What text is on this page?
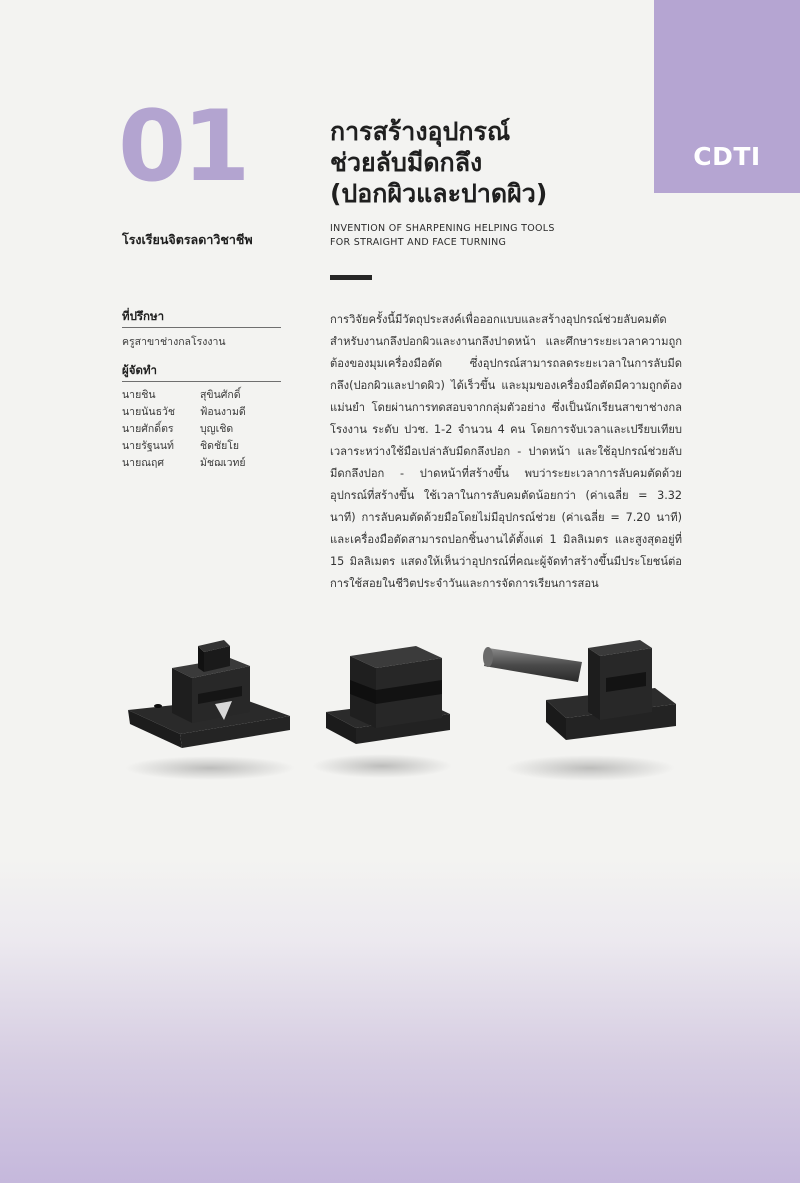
CDTI
01
โรงเรียนจิตรลดาวิชาชีพ
การสร้างอุปกรณ์
ช่วยลับมีดกลึง
(ปอกผิวและปาดผิว)
INVENTION OF SHARPENING HELPING TOOLS
FOR STRAIGHT AND FACE TURNING
ที่ปรึกษา
ครูสาขาช่างกลโรงงาน
ผู้จัดทำ
นายชิน	สุขินศักดิ์
นายนันธวัช	ฟ้อนงามดี
นายศักดิ์ตร	บุญเชิด
นายรัฐนนท์	ชิดชัยโย
นายณฤศ	มัชฌเวทย์
การวิจัยครั้งนี้มีวัตถุประสงค์เพื่อออกแบบและสร้างอุปกรณ์ช่วยลับคมตัดสำหรับงานกลึงปอกผิวและงานกลึงปาดหน้า และศึกษาระยะเวลาความถูกต้องของมุมเครื่องมือตัด ซึ่งอุปกรณ์สามารถลดระยะเวลาในการลับมีดกลึง(ปอกผิวและปาดผิว) ได้เร็วขึ้น และมุมของเครื่องมือตัดมีความถูกต้อง แม่นยำ โดยผ่านการทดสอบจากกลุ่มตัวอย่าง ซึ่งเป็นนักเรียนสาขาช่างกลโรงงาน ระดับ ปวช. 1-2 จำนวน 4 คน โดยการจับเวลาและเปรียบเทียบเวลาระหว่างใช้มือเปล่าลับมีดกลึงปอก - ปาดหน้า และใช้อุปกรณ์ช่วยลับมีดกลึงปอก - ปาดหน้าที่สร้างขึ้น พบว่าระยะเวลาการลับคมตัดด้วยอุปกรณ์ที่สร้างขึ้น ใช้เวลาในการลับคมตัดน้อยกว่า (ค่าเฉลี่ย = 3.32 นาที) การลับคมตัดด้วยมือโดยไม่มีอุปกรณ์ช่วย (ค่าเฉลี่ย = 7.20 นาที) และเครื่องมือตัดสามารถปอกชิ้นงานได้ตั้งแต่ 1 มิลลิเมตร และสูงสุดอยู่ที่ 15 มิลลิเมตร แสดงให้เห็นว่าอุปกรณ์ที่คณะผู้จัดทำสร้างขึ้นมีประโยชน์ต่อการใช้สอยในชีวิตประจำวันและการจัดการเรียนการสอน
